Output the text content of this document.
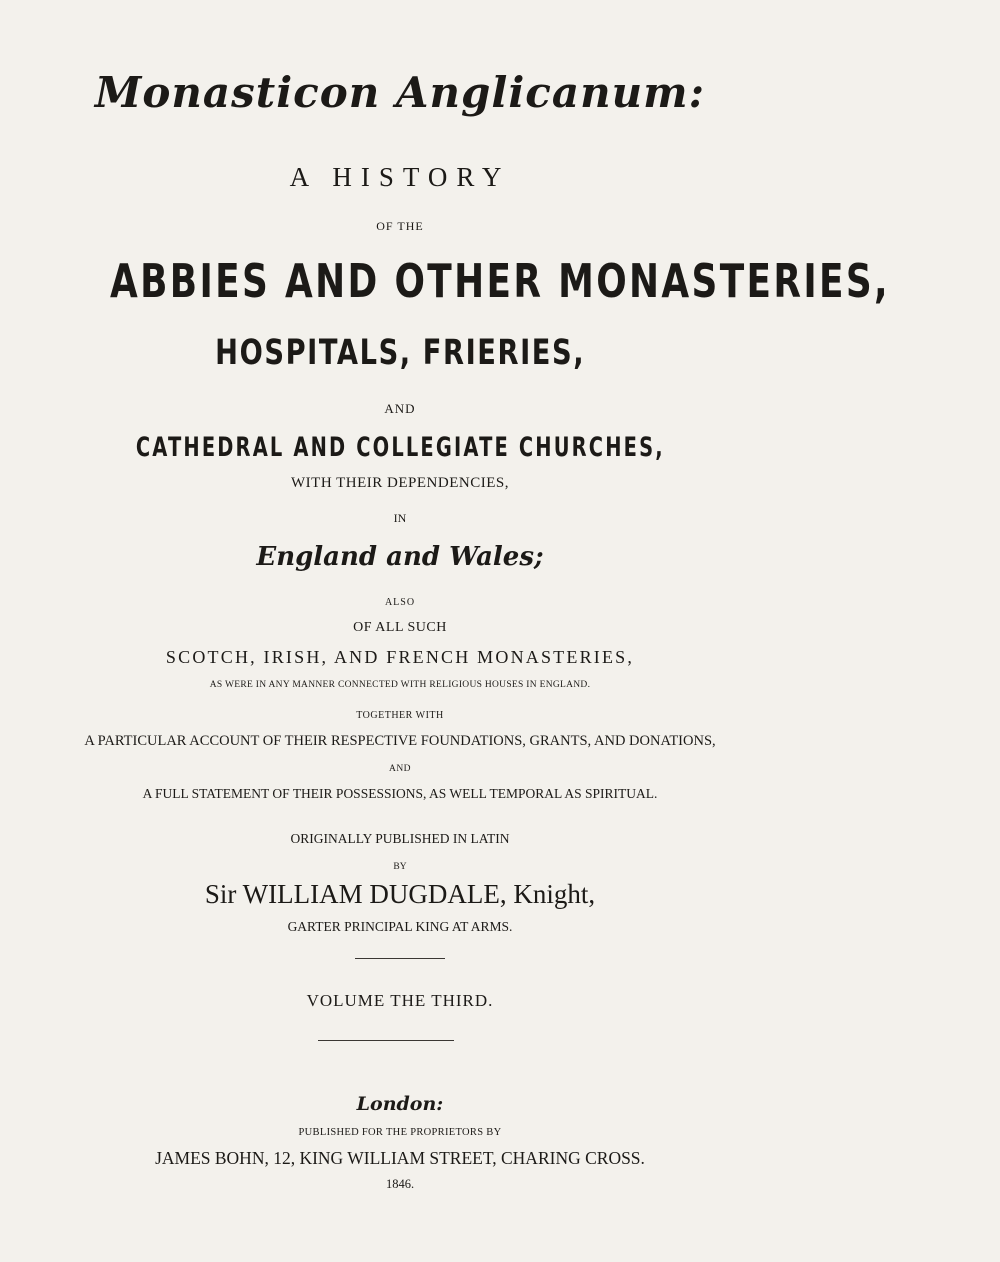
Monasticon Anglicanum:
A HISTORY
OF THE
ABBIES AND OTHER MONASTERIES,
HOSPITALS, FRIERIES,
AND
CATHEDRAL AND COLLEGIATE CHURCHES,
WITH THEIR DEPENDENCIES,
IN
England and Wales;
ALSO
OF ALL SUCH
SCOTCH, IRISH, AND FRENCH MONASTERIES,
AS WERE IN ANY MANNER CONNECTED WITH RELIGIOUS HOUSES IN ENGLAND.
TOGETHER WITH
A PARTICULAR ACCOUNT OF THEIR RESPECTIVE FOUNDATIONS, GRANTS, AND DONATIONS,
AND
A FULL STATEMENT OF THEIR POSSESSIONS, AS WELL TEMPORAL AS SPIRITUAL.
ORIGINALLY PUBLISHED IN LATIN
BY
Sir WILLIAM DUGDALE, Knight,
GARTER PRINCIPAL KING AT ARMS.
VOLUME THE THIRD.
London:
PUBLISHED FOR THE PROPRIETORS BY
JAMES BOHN, 12, KING WILLIAM STREET, CHARING CROSS.
1846.
